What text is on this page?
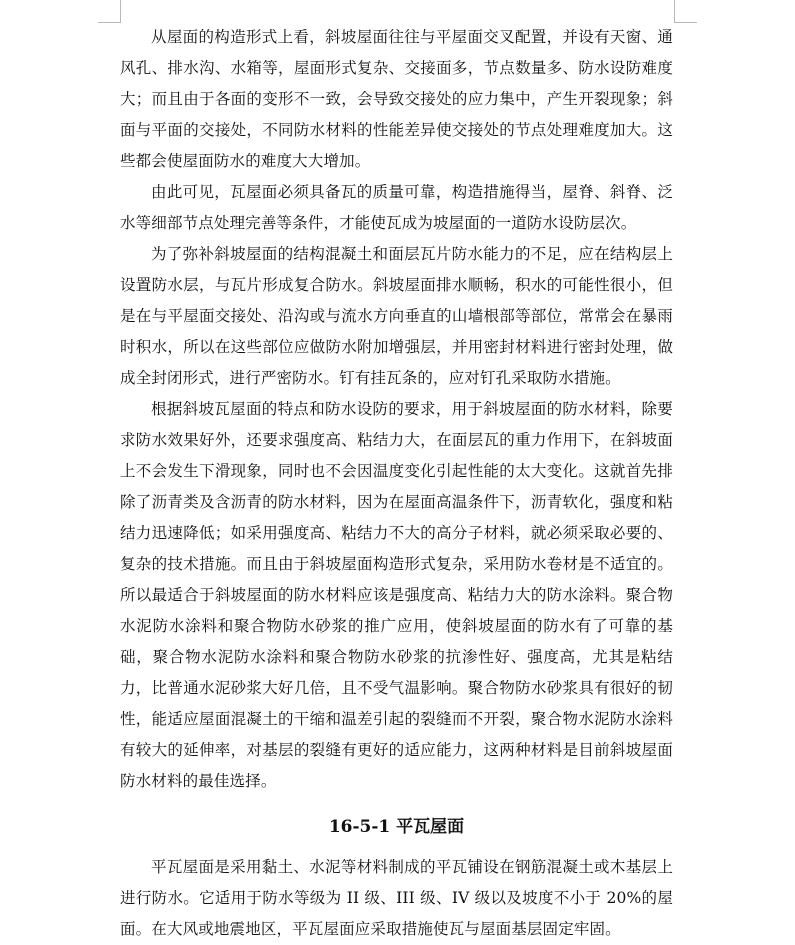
从屋面的构造形式上看，斜坡屋面往往与平屋面交叉配置，并设有天窗、通风孔、排水沟、水箱等，屋面形式复杂、交接面多，节点数量多、防水设防难度大；而且由于各面的变形不一致，会导致交接处的应力集中，产生开裂现象；斜面与平面的交接处，不同防水材料的性能差异使交接处的节点处理难度加大。这些都会使屋面防水的难度大大增加。

由此可见，瓦屋面必须具备瓦的质量可靠，构造措施得当，屋脊、斜脊、泛水等细部节点处理完善等条件，才能使瓦成为坡屋面的一道防水设防层次。

为了弥补斜坡屋面的结构混凝土和面层瓦片防水能力的不足，应在结构层上设置防水层，与瓦片形成复合防水。斜坡屋面排水顺畅，积水的可能性很小，但是在与平屋面交接处、沿沟或与流水方向垂直的山墙根部等部位，常常会在暴雨时积水，所以在这些部位应做防水附加增强层，并用密封材料进行密封处理，做成全封闭形式，进行严密防水。钉有挂瓦条的，应对钉孔采取防水措施。

根据斜坡瓦屋面的特点和防水设防的要求，用于斜坡屋面的防水材料，除要求防水效果好外，还要求强度高、粘结力大，在面层瓦的重力作用下，在斜坡面上不会发生下滑现象，同时也不会因温度变化引起性能的太大变化。这就首先排除了沥青类及含沥青的防水材料，因为在屋面高温条件下，沥青软化，强度和粘结力迅速降低；如采用强度高、粘结力不大的高分子材料，就必须采取必要的、复杂的技术措施。而且由于斜坡屋面构造形式复杂，采用防水卷材是不适宜的。所以最适合于斜坡屋面的防水材料应该是强度高、粘结力大的防水涂料。聚合物水泥防水涂料和聚合物防水砂浆的推广应用，使斜坡屋面的防水有了可靠的基础，聚合物水泥防水涂料和聚合物防水砂浆的抗渗性好、强度高，尤其是粘结力，比普通水泥砂浆大好几倍，且不受气温影响。聚合物防水砂浆具有很好的韧性，能适应屋面混凝土的干缩和温差引起的裂缝而不开裂，聚合物水泥防水涂料有较大的延伸率，对基层的裂缝有更好的适应能力，这两种材料是目前斜坡屋面防水材料的最佳选择。

16-5-1 平瓦屋面

平瓦屋面是采用黏土、水泥等材料制成的平瓦铺设在钢筋混凝土或木基层上进行防水。它适用于防水等级为 II 级、III 级、IV 级以及坡度不小于 20%的屋面。在大风或地震地区，平瓦屋面应采取措施使瓦与屋面基层固定牢固。
